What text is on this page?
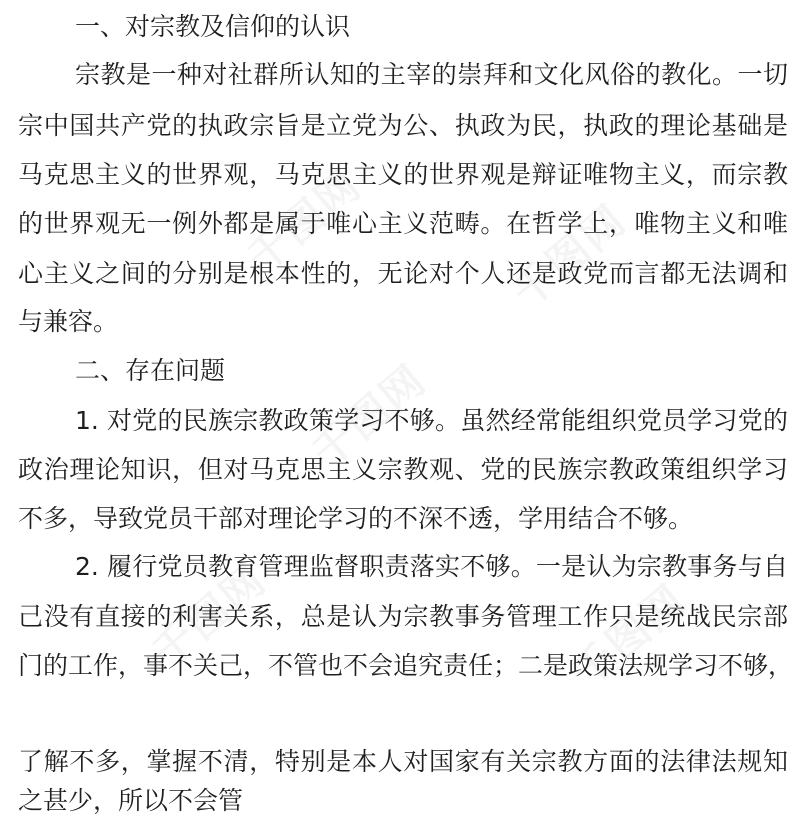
千图网	千图网
千图网
千图网	千图网
一、对宗教及信仰的认识
宗教是一种对社群所认知的主宰的崇拜和文化风俗的教化。一切
宗中国共产党的执政宗旨是立党为公、执政为民，执政的理论基础是
马克思主义的世界观，马克思主义的世界观是辩证唯物主义，而宗教
的世界观无一例外都是属于唯心主义范畴。在哲学上，唯物主义和唯
心主义之间的分别是根本性的，无论对个人还是政党而言都无法调和
与兼容。
二、存在问题
1. 对党的民族宗教政策学习不够。虽然经常能组织党员学习党的
政治理论知识，但对马克思主义宗教观、党的民族宗教政策组织学习
不多，导致党员干部对理论学习的不深不透，学用结合不够。
2. 履行党员教育管理监督职责落实不够。一是认为宗教事务与自
己没有直接的利害关系，总是认为宗教事务管理工作只是统战民宗部
门的工作，事不关己，不管也不会追究责任；二是政策法规学习不够，
了解不多，掌握不清，特别是本人对国家有关宗教方面的法律法规知
之甚少，所以不会管
